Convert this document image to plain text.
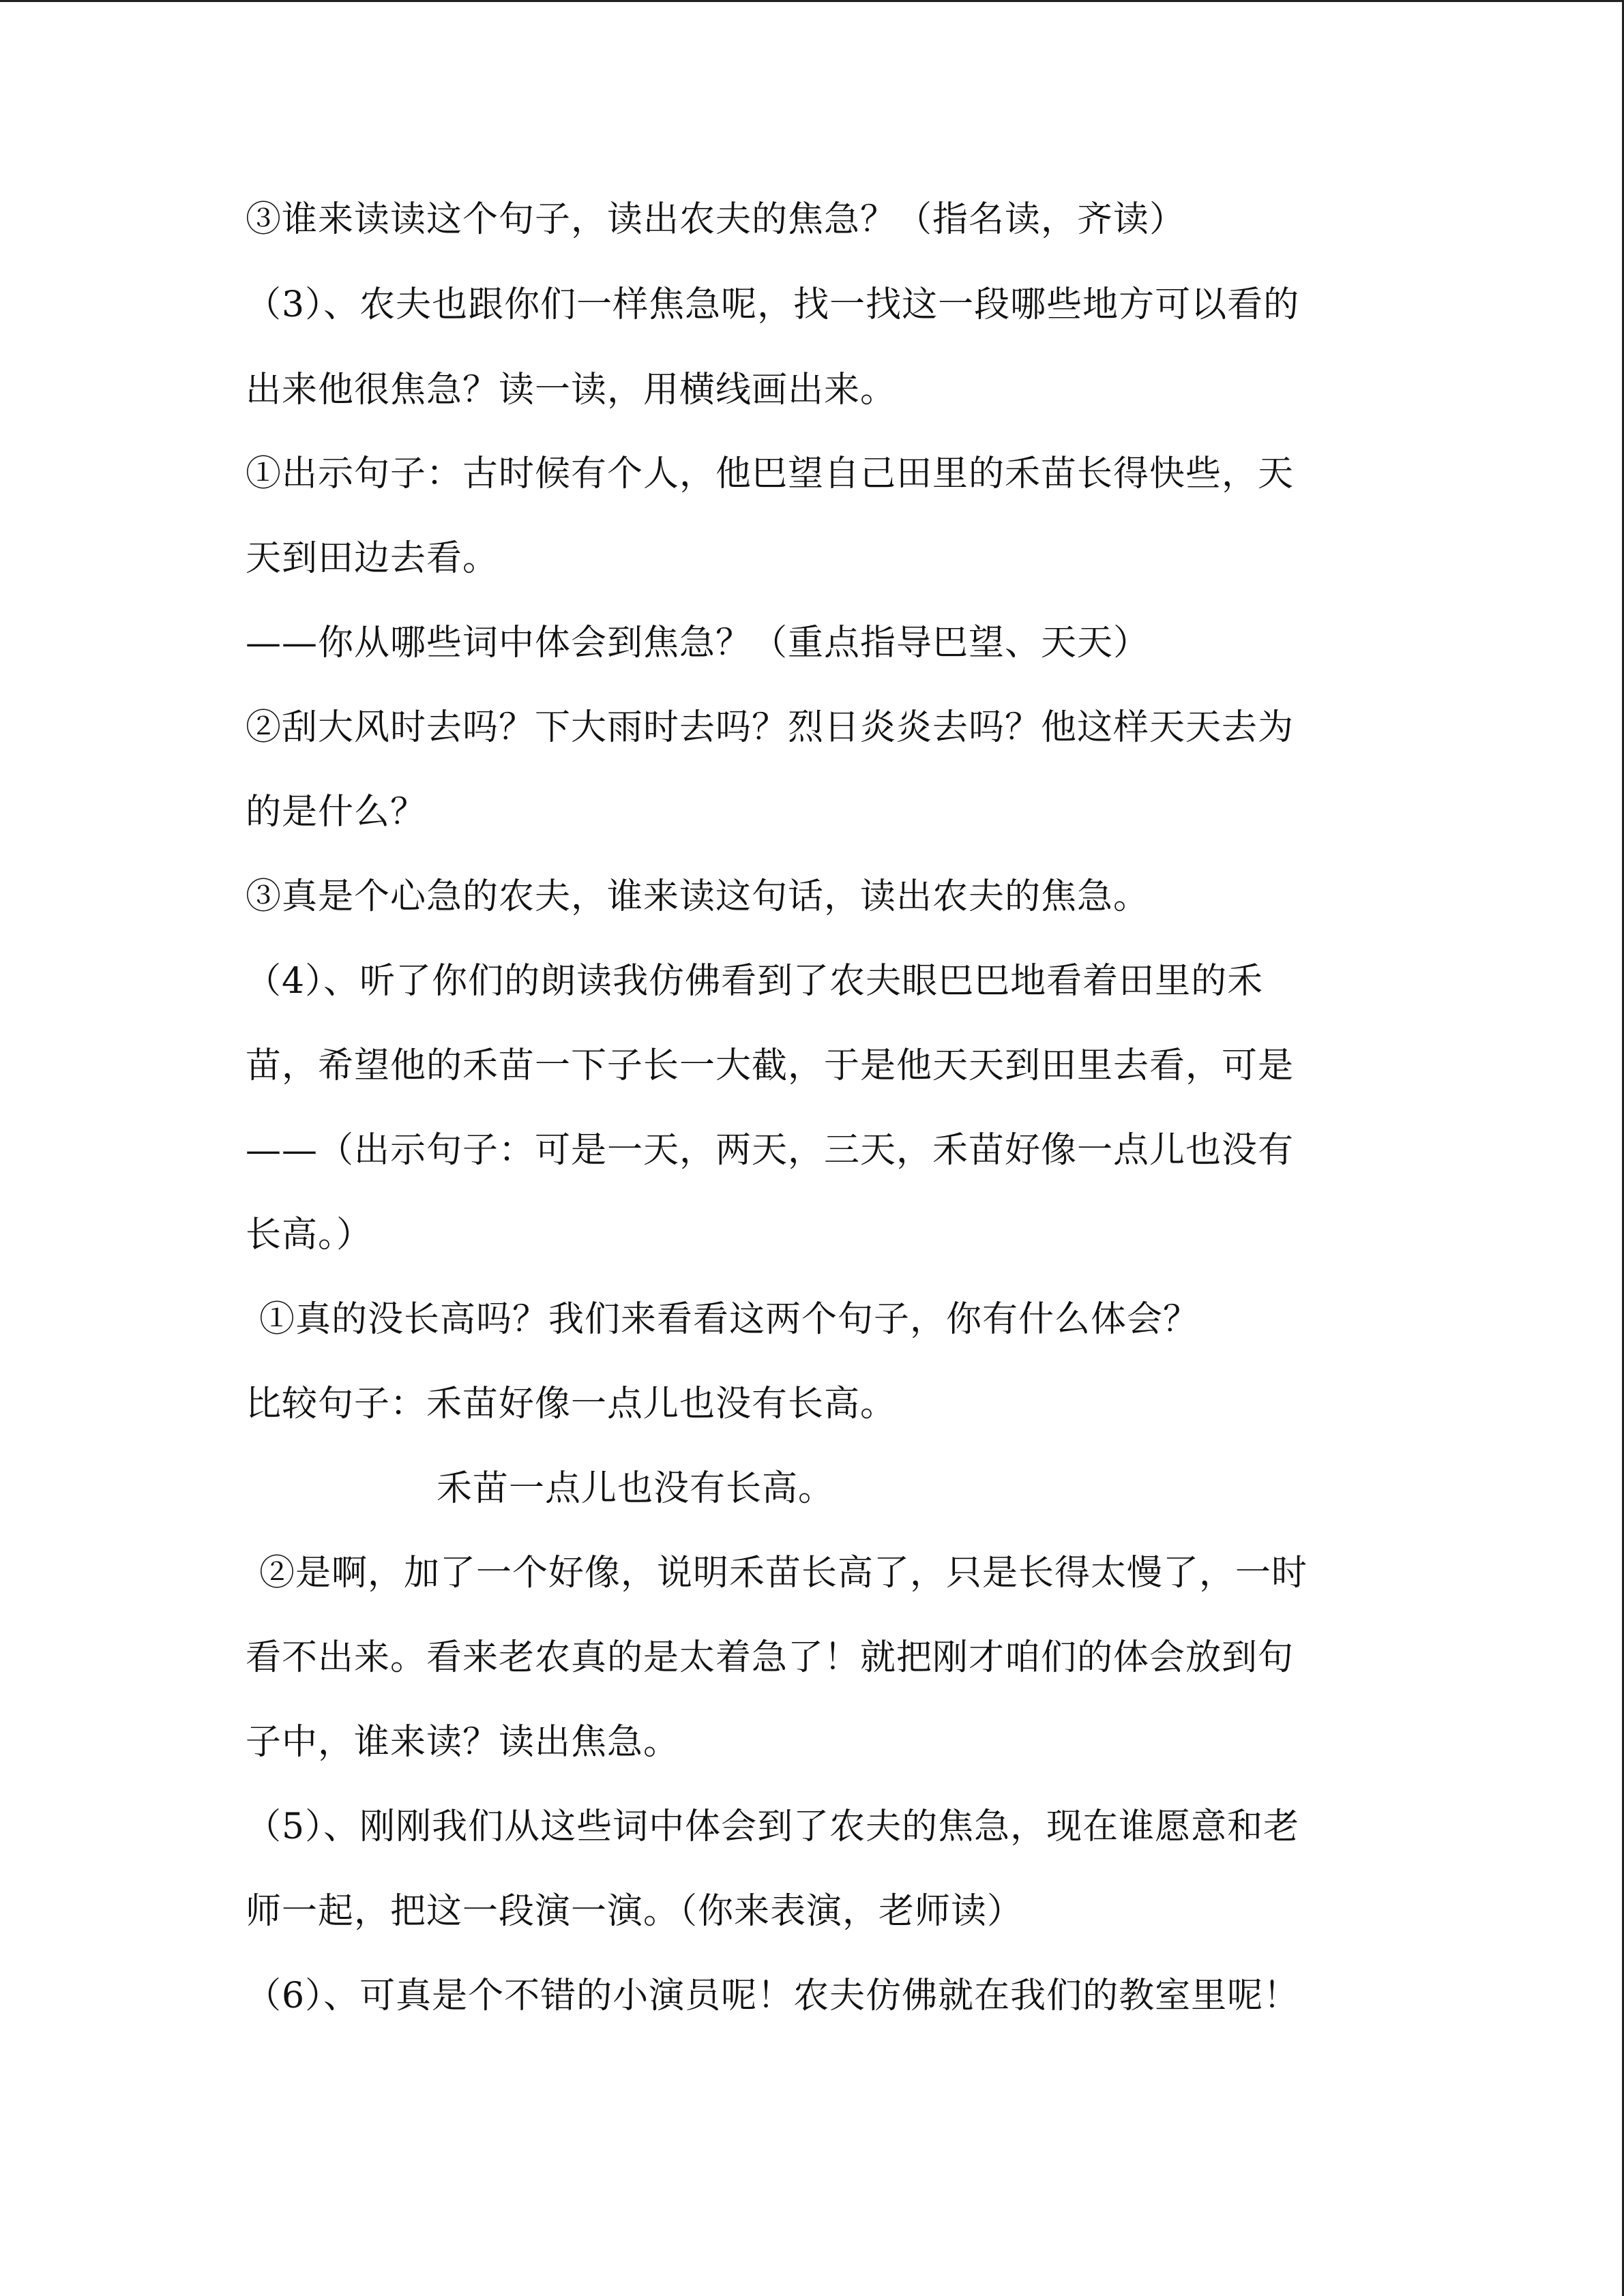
③谁来读读这个句子，读出农夫的焦急？（指名读，齐读）
（3）、农夫也跟你们一样焦急呢，找一找这一段哪些地方可以看的
出来他很焦急？读一读，用横线画出来。
①出示句子：古时候有个人，他巴望自己田里的禾苗长得快些，天
天到田边去看。
——你从哪些词中体会到焦急？（重点指导巴望、天天）
②刮大风时去吗？下大雨时去吗？烈日炎炎去吗？他这样天天去为
的是什么？
③真是个心急的农夫，谁来读这句话，读出农夫的焦急。
（4）、听了你们的朗读我仿佛看到了农夫眼巴巴地看着田里的禾
苗，希望他的禾苗一下子长一大截，于是他天天到田里去看，可是
——（出示句子：可是一天，两天，三天，禾苗好像一点儿也没有
长高。）
①真的没长高吗？我们来看看这两个句子，你有什么体会？
比较句子：禾苗好像一点儿也没有长高。
禾苗一点儿也没有长高。
②是啊，加了一个好像，说明禾苗长高了，只是长得太慢了，一时
看不出来。看来老农真的是太着急了！就把刚才咱们的体会放到句
子中，谁来读？读出焦急。
（5）、刚刚我们从这些词中体会到了农夫的焦急，现在谁愿意和老
师一起，把这一段演一演。（你来表演，老师读）
（6）、可真是个不错的小演员呢！农夫仿佛就在我们的教室里呢！
